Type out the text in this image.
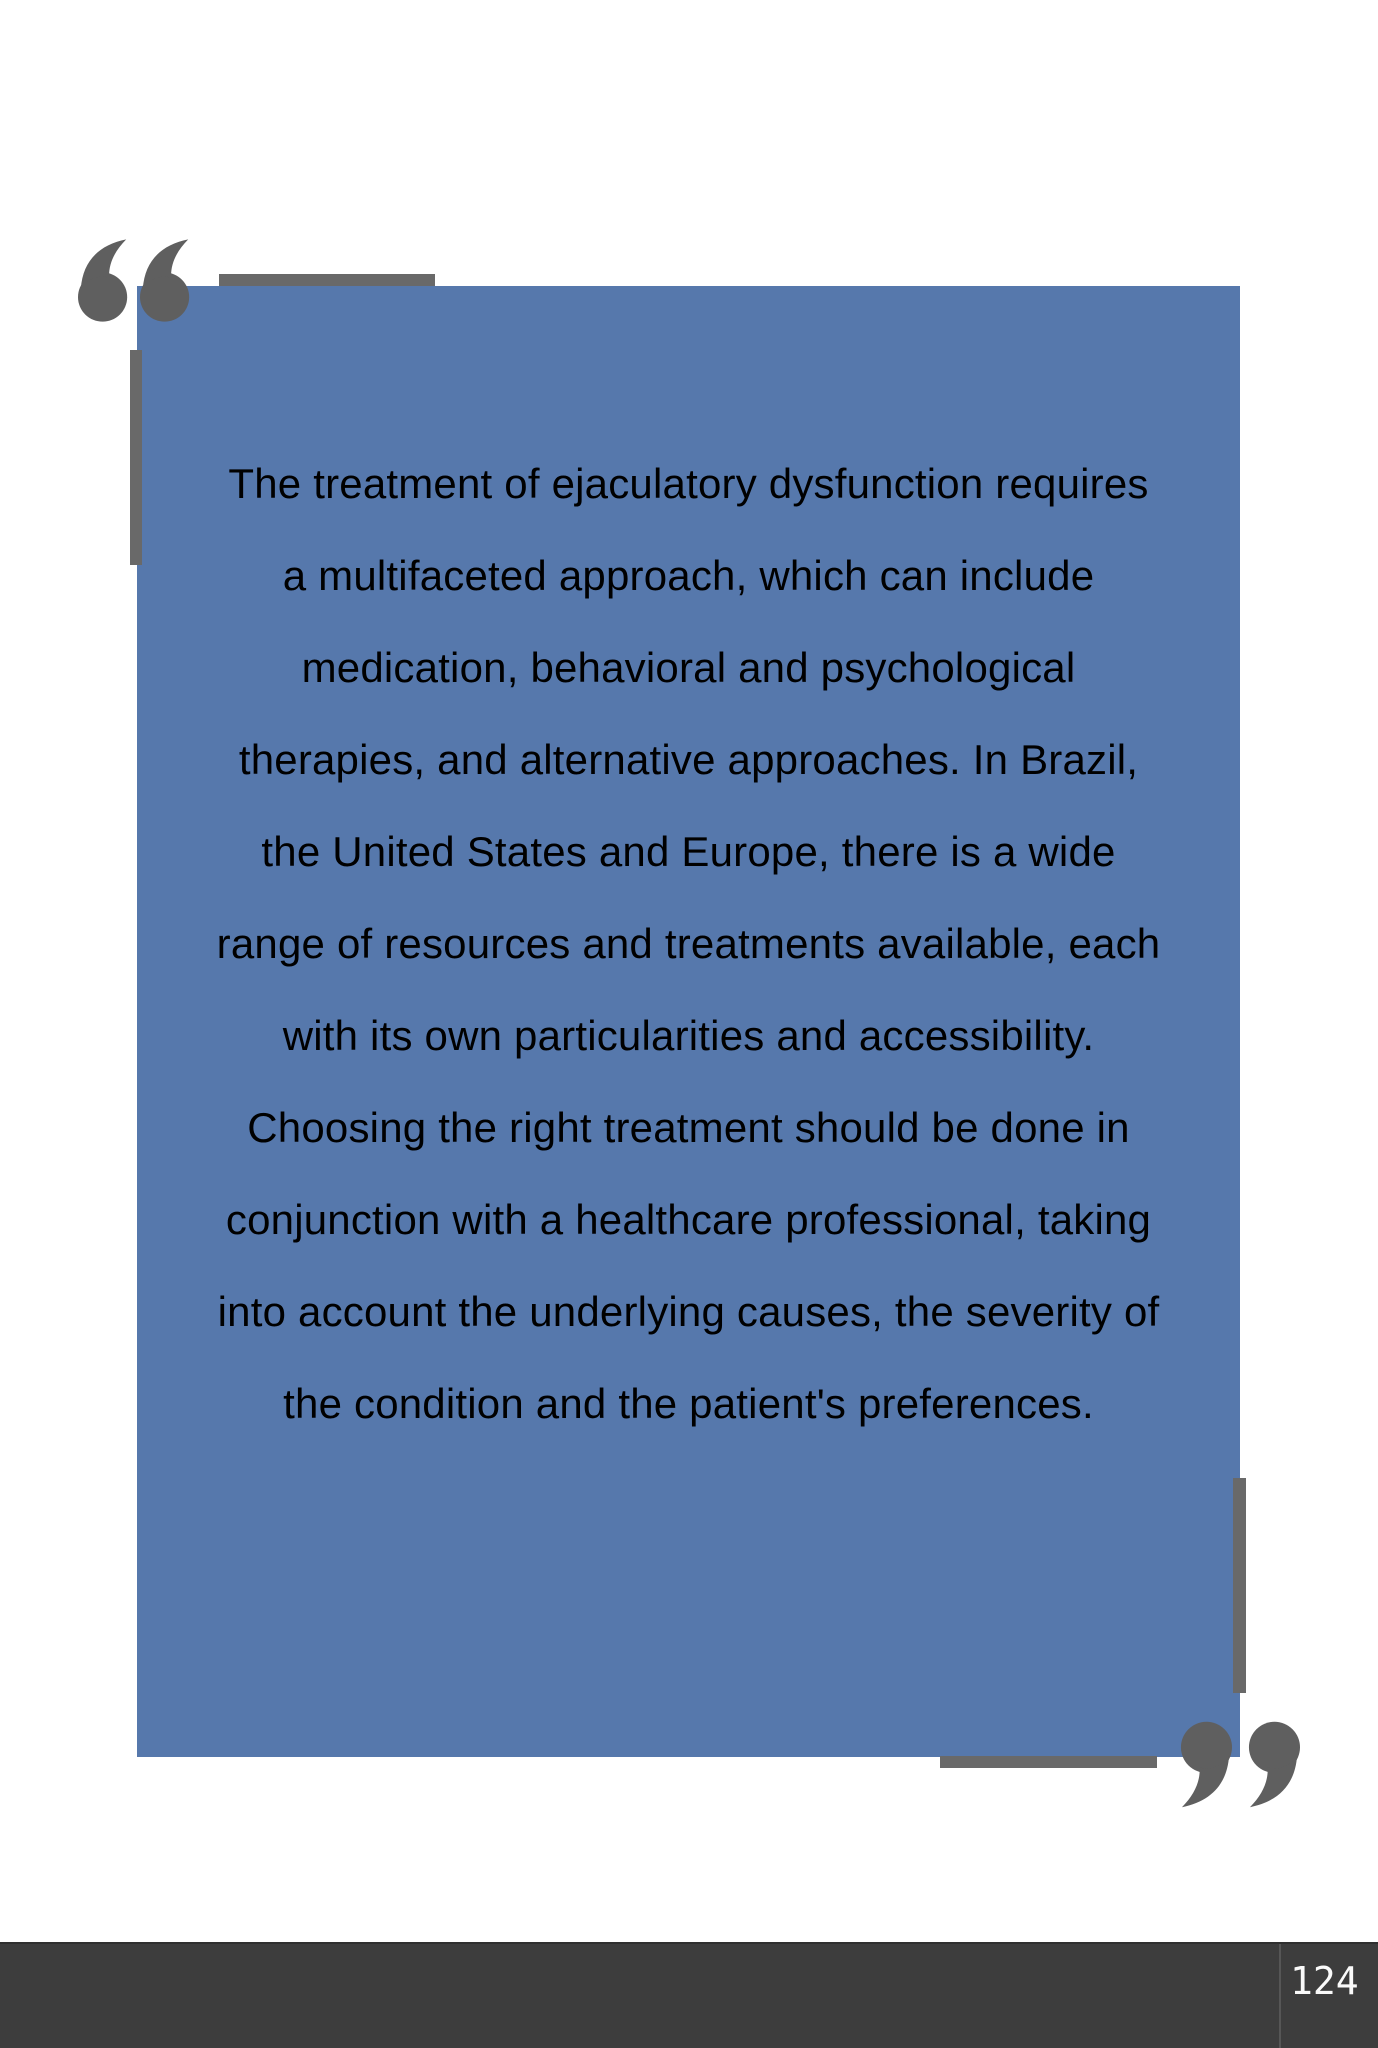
The treatment of ejaculatory dysfunction requires
a multifaceted approach, which can include
medication, behavioral and psychological
therapies, and alternative approaches. In Brazil,
the United States and Europe, there is a wide
range of resources and treatments available, each
with its own particularities and accessibility.
Choosing the right treatment should be done in
conjunction with a healthcare professional, taking
into account the underlying causes, the severity of
the condition and the patient's preferences.
124
